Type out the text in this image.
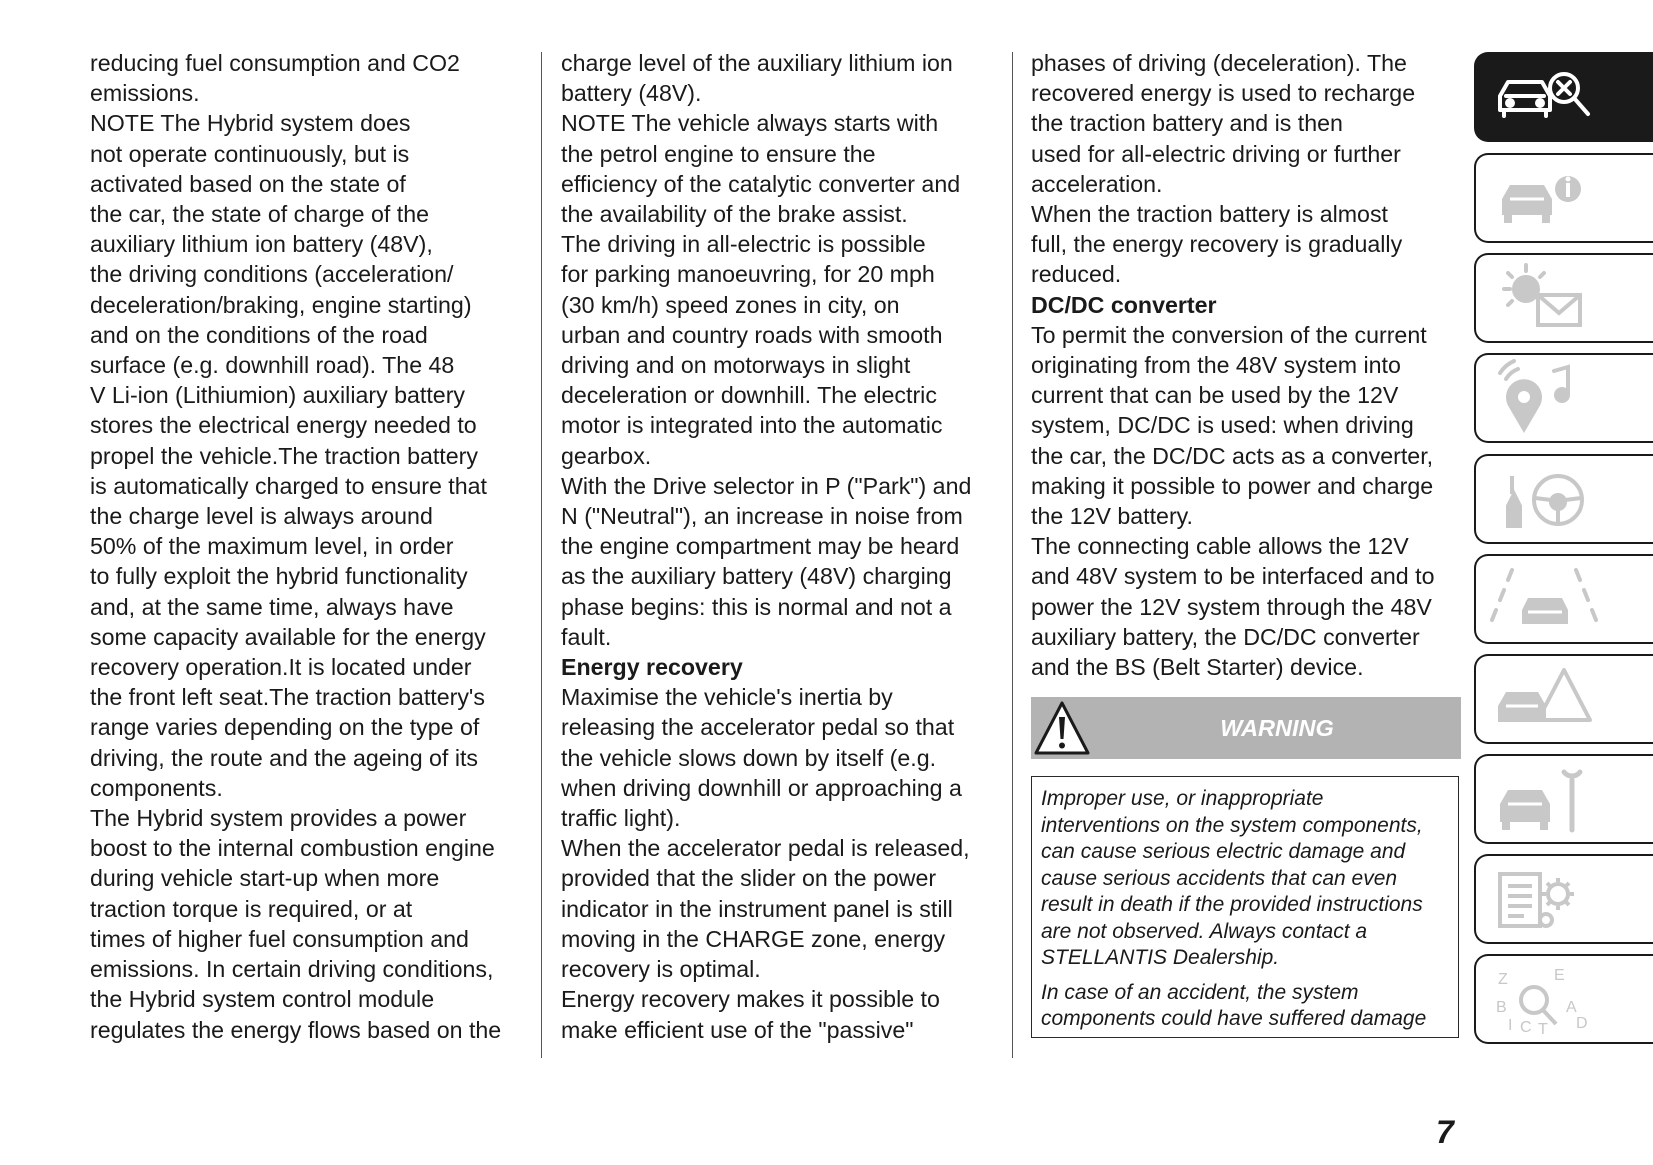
reducing fuel consumption and CO2
emissions.
NOTE The Hybrid system does
not operate continuously, but is
activated based on the state of
the car, the state of charge of the
auxiliary lithium ion battery (48V),
the driving conditions (acceleration/
deceleration/braking, engine starting)
and on the conditions of the road
surface (e.g. downhill road). The 48
V Li-ion (Lithiumion) auxiliary battery
stores the electrical energy needed to
propel the vehicle.The traction battery
is automatically charged to ensure that
the charge level is always around
50% of the maximum level, in order
to fully exploit the hybrid functionality
and, at the same time, always have
some capacity available for the energy
recovery operation.It is located under
the front left seat.The traction battery's
range varies depending on the type of
driving, the route and the ageing of its
components.
The Hybrid system provides a power
boost to the internal combustion engine
during vehicle start-up when more
traction torque is required, or at
times of higher fuel consumption and
emissions. In certain driving conditions,
the Hybrid system control module
regulates the energy flows based on the
charge level of the auxiliary lithium ion
battery (48V).
NOTE The vehicle always starts with
the petrol engine to ensure the
efficiency of the catalytic converter and
the availability of the brake assist.
The driving in all-electric is possible
for parking manoeuvring, for 20 mph
(30 km/h) speed zones in city, on
urban and country roads with smooth
driving and on motorways in slight
deceleration or downhill. The electric
motor is integrated into the automatic
gearbox.
With the Drive selector in P ("Park") and
N ("Neutral"), an increase in noise from
the engine compartment may be heard
as the auxiliary battery (48V) charging
phase begins: this is normal and not a
fault.
Energy recovery
Maximise the vehicle's inertia by
releasing the accelerator pedal so that
the vehicle slows down by itself (e.g.
when driving downhill or approaching a
traffic light).
When the accelerator pedal is released,
provided that the slider on the power
indicator in the instrument panel is still
moving in the CHARGE zone, energy
recovery is optimal.
Energy recovery makes it possible to
make efficient use of the "passive"
phases of driving (deceleration). The
recovered energy is used to recharge
the traction battery and is then
used for all-electric driving or further
acceleration.
When the traction battery is almost
full, the energy recovery is gradually
reduced.
DC/DC converter
To permit the conversion of the current
originating from the 48V system into
current that can be used by the 12V
system, DC/DC is used: when driving
the car, the DC/DC acts as a converter,
making it possible to power and charge
the 12V battery.
The connecting cable allows the 12V
and 48V system to be interfaced and to
power the 12V system through the 48V
auxiliary battery, the DC/DC converter
and the BS (Belt Starter) device.
WARNING
Improper use, or inappropriate
interventions on the system components,
can cause serious electric damage and
cause serious accidents that can even
result in death if the provided instructions
are not observed. Always contact a
STELLANTIS Dealership.
In case of an accident, the system
components could have suffered damage
Z	E
B	A
I C T D
7
